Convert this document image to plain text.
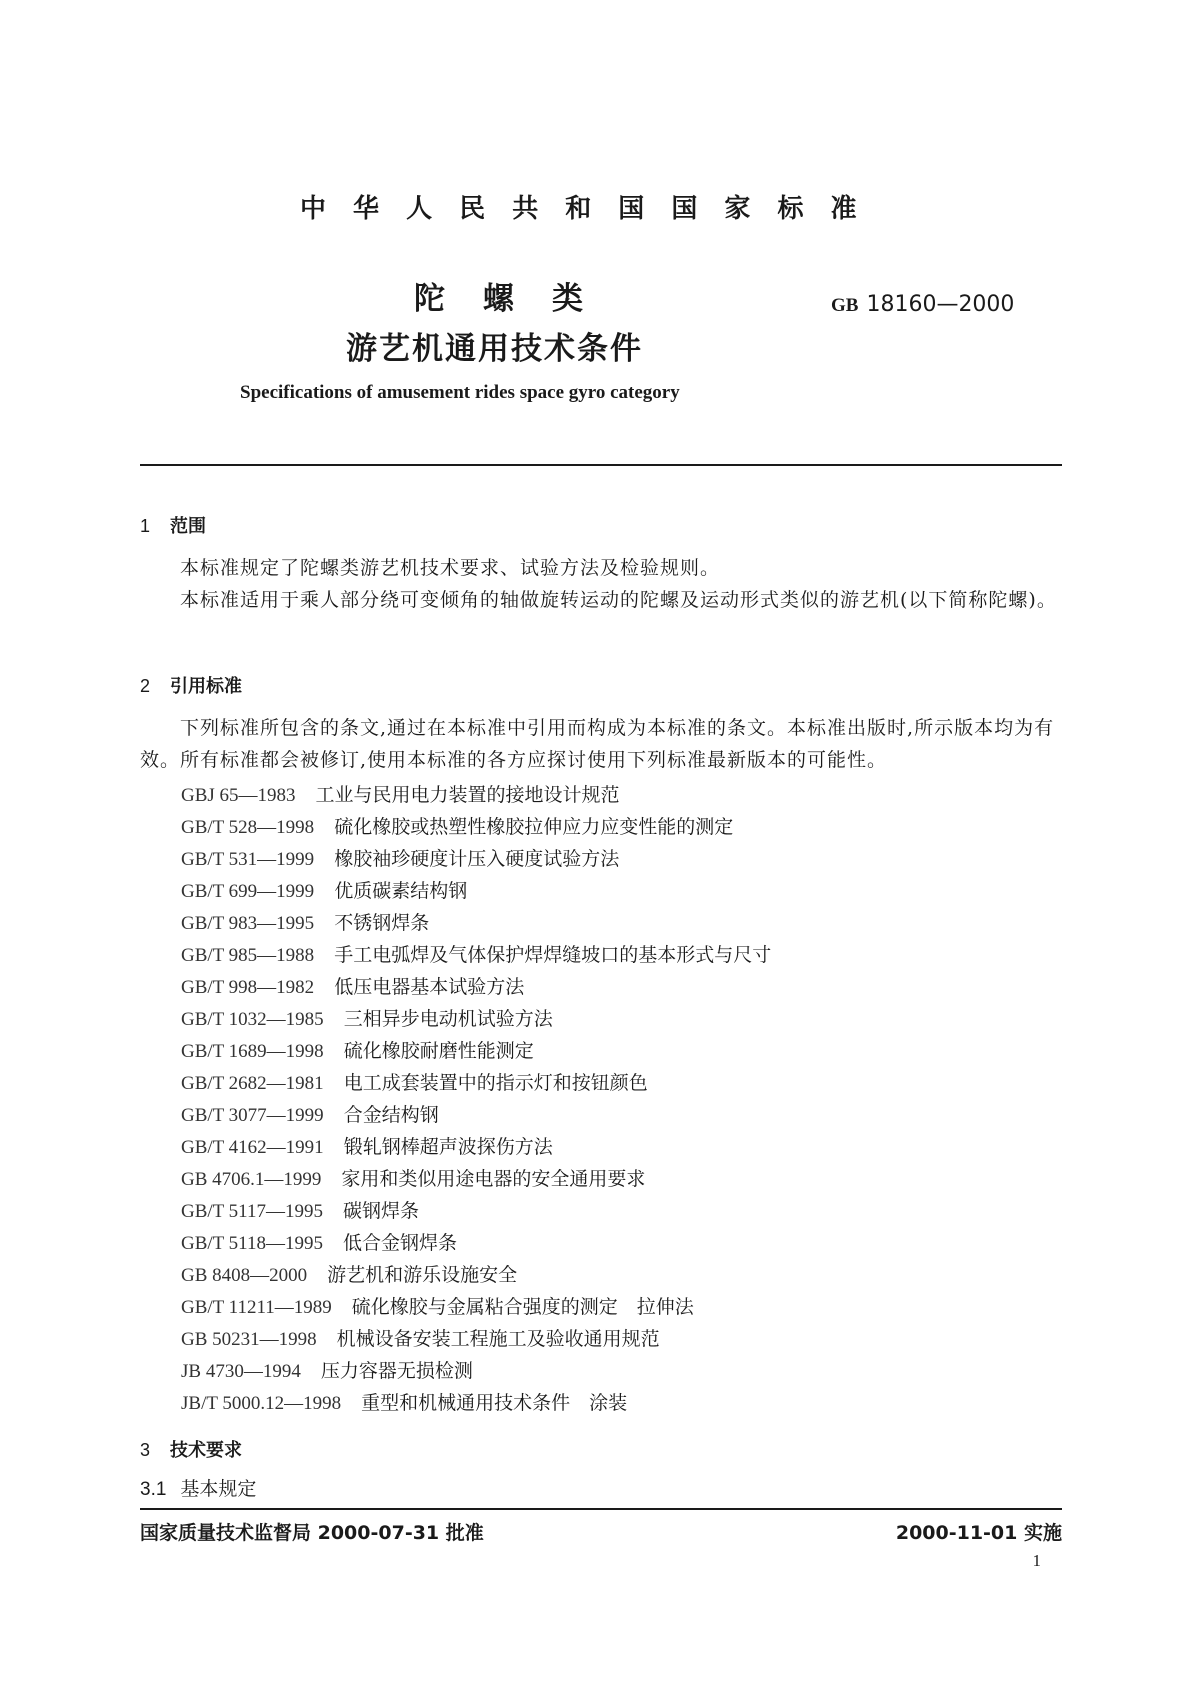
中 华 人 民 共 和 国 国 家 标 准
陀 螺 类
游艺机通用技术条件
GB 18160—2000
Specifications of amusement rides space gyro category
1 范围
本标准规定了陀螺类游艺机技术要求、试验方法及检验规则。
本标准适用于乘人部分绕可变倾角的轴做旋转运动的陀螺及运动形式类似的游艺机(以下简称陀螺)。
2 引用标准
下列标准所包含的条文,通过在本标准中引用而构成为本标准的条文。本标准出版时,所示版本均为有效。所有标准都会被修订,使用本标准的各方应探讨使用下列标准最新版本的可能性。
GBJ 65—1983 工业与民用电力装置的接地设计规范
GB/T 528—1998 硫化橡胶或热塑性橡胶拉伸应力应变性能的测定
GB/T 531—1999 橡胶袖珍硬度计压入硬度试验方法
GB/T 699—1999 优质碳素结构钢
GB/T 983—1995 不锈钢焊条
GB/T 985—1988 手工电弧焊及气体保护焊焊缝坡口的基本形式与尺寸
GB/T 998—1982 低压电器基本试验方法
GB/T 1032—1985 三相异步电动机试验方法
GB/T 1689—1998 硫化橡胶耐磨性能测定
GB/T 2682—1981 电工成套装置中的指示灯和按钮颜色
GB/T 3077—1999 合金结构钢
GB/T 4162—1991 锻轧钢棒超声波探伤方法
GB 4706.1—1999 家用和类似用途电器的安全通用要求
GB/T 5117—1995 碳钢焊条
GB/T 5118—1995 低合金钢焊条
GB 8408—2000 游艺机和游乐设施安全
GB/T 11211—1989 硫化橡胶与金属粘合强度的测定　拉伸法
GB 50231—1998 机械设备安装工程施工及验收通用规范
JB 4730—1994 压力容器无损检测
JB/T 5000.12—1998 重型和机械通用技术条件　涂装
3 技术要求
3.1 基本规定
国家质量技术监督局 2000-07-31 批准	2000-11-01 实施
1
